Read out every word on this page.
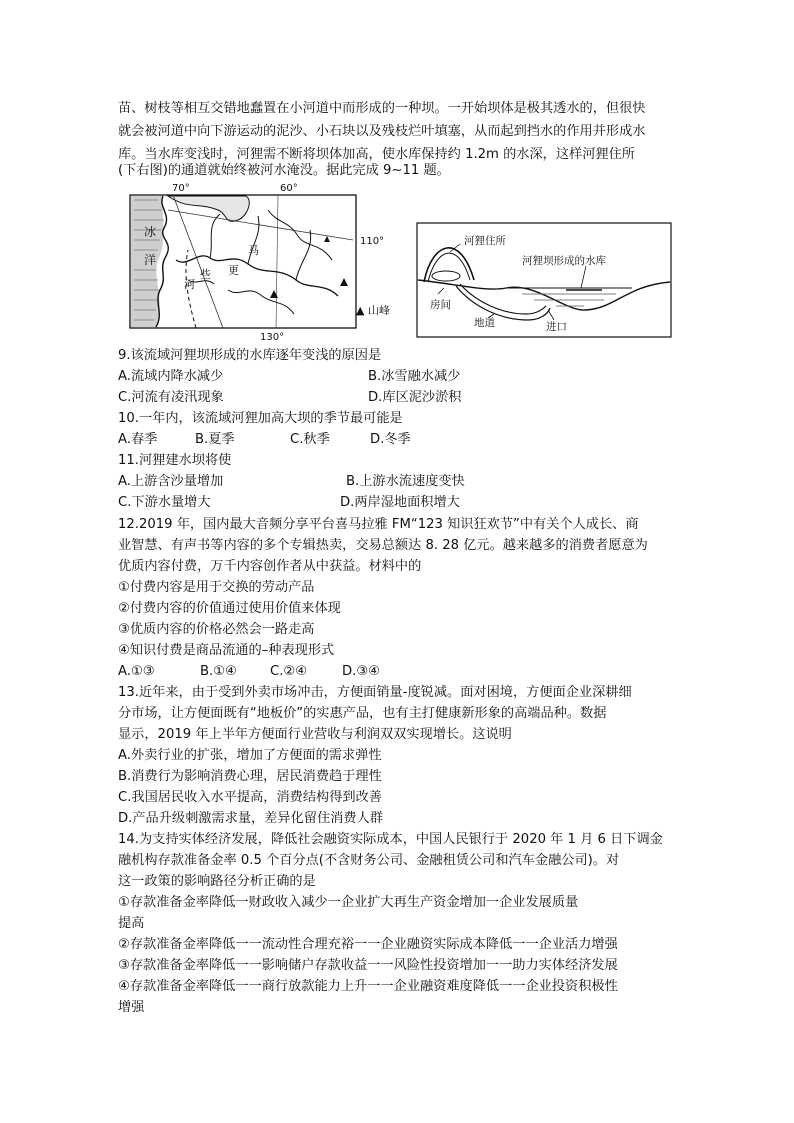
苗、树枝等相互交错地蠢置在小河道中而形成的一种坝。一开始坝体是极其透水的，但很快
就会被河道中向下游运动的泥沙、小石块以及残枝烂叶填塞，从而起到挡水的作用并形成水
库。当水库变浅时，河狸需不断将坝体加高，使水库保持约 1.2m 的水深，这样河狸住所
(下右图)的通道就始终被河水淹没。据此完成 9~11 题。
70°	60°
110°
130°
冰
洋
河
些 更
马
▲ 山峰
河狸住所
河狸坝形成的水库
房间
地道	进口
9.该流域河狸坝形成的水库逐年变浅的原因是
A.流域内降水减少	B.冰雪融水减少
C.河流有凌汛现象	D.库区泥沙淤积
10.一年内，该流域河狸加高大坝的季节最可能是
A.春季	B.夏季	C.秋季	D.冬季
11.河狸建水坝将使
A.上游含沙量增加	B.上游水流速度变快
C.下游水量增大	D.两岸湿地面积增大
12.2019 年，国内最大音频分享平台喜马拉雅 FM“123 知识狂欢节”中有关个人成长、商
业智慧、有声书等内容的多个专辑热卖，交易总额达 8. 28 亿元。越来越多的消费者愿意为
优质内容付费，万千内容创作者从中获益。材料中的
①付费内容是用于交换的劳动产品
②付费内容的价值通过使用价值来体现
③优质内容的价格必然会一路走高
④知识付费是商品流通的–种表现形式
A.①③	B.①④	C.②④	D.③④
13.近年来，由于受到外卖市场冲击，方便面销量-度锐减。面对困境，方便面企业深耕细
分市场，让方便面既有“地板价”的实惠产品，也有主打健康新形象的高端品种。数据
显示，2019 年上半年方便面行业营收与利润双双实现增长。这说明
A.外卖行业的扩张，增加了方便面的需求弹性
B.消费行为影响消费心理，居民消费趋于理性
C.我国居民收入水平提高，消费结构得到改善
D.产品升级刺激需求量，差异化留住消费人群
14.为支持实体经济发展，降低社会融资实际成本，中国人民银行于 2020 年 1 月 6 日下调金
融机构存款准备金率 0.5 个百分点(不含财务公司、金融租赁公司和汽车金融公司)。对
这一政策的影响路径分析正确的是
①存款准备金率降低一财政收入减少一企业扩大再生产资金增加一企业发展质量
提高
②存款准备金率降低一一流动性合理充裕一一企业融资实际成本降低一一企业活力增强
③存款准备金率降低一一影响储户存款收益一一风险性投资增加一一助力实体经济发展
④存款准备金率降低一一商行放款能力上升一一企业融资难度降低一一企业投资积极性
增强
